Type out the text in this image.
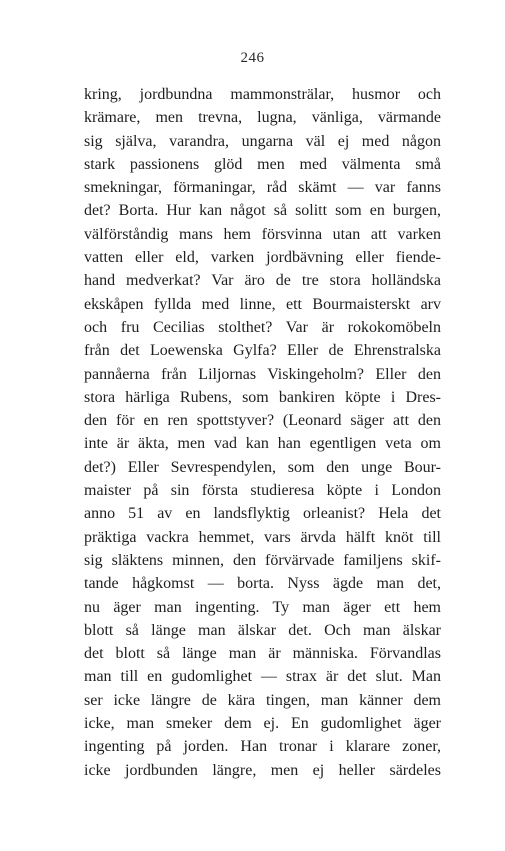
246
kring, jordbundna mammonsträlar, husmor och
krämare, men trevna, lugna, vänliga, värmande
sig själva, varandra, ungarna väl ej med någon
stark passionens glöd men med välmenta små
smekningar, förmaningar, råd skämt — var fanns
det? Borta. Hur kan något så solitt som en burgen,
välförståndig mans hem försvinna utan att varken
vatten eller eld, varken jordbävning eller fiende-
hand medverkat? Var äro de tre stora holländska
ekskåpen fyllda med linne, ett Bourmaisterskt arv
och fru Cecilias stolthet? Var är rokokomöbeln
från det Loewenska Gylfa? Eller de Ehrenstralska
pannåerna från Liljornas Viskingeholm? Eller den
stora härliga Rubens, som bankiren köpte i Dres-
den för en ren spottstyver? (Leonard säger att den
inte är äkta, men vad kan han egentligen veta om
det?) Eller Sevrespendylen, som den unge Bour-
maister på sin första studieresa köpte i London
anno 51 av en landsflyktig orleanist? Hela det
präktiga vackra hemmet, vars ärvda hälft knöt till
sig släktens minnen, den förvärvade familjens skif-
tande hågkomst — borta. Nyss ägde man det,
nu äger man ingenting. Ty man äger ett hem
blott så länge man älskar det. Och man älskar
det blott så länge man är människa. Förvandlas
man till en gudomlighet — strax är det slut. Man
ser icke längre de kära tingen, man känner dem
icke, man smeker dem ej. En gudomlighet äger
ingenting på jorden. Han tronar i klarare zoner,
icke jordbunden längre, men ej heller särdeles
